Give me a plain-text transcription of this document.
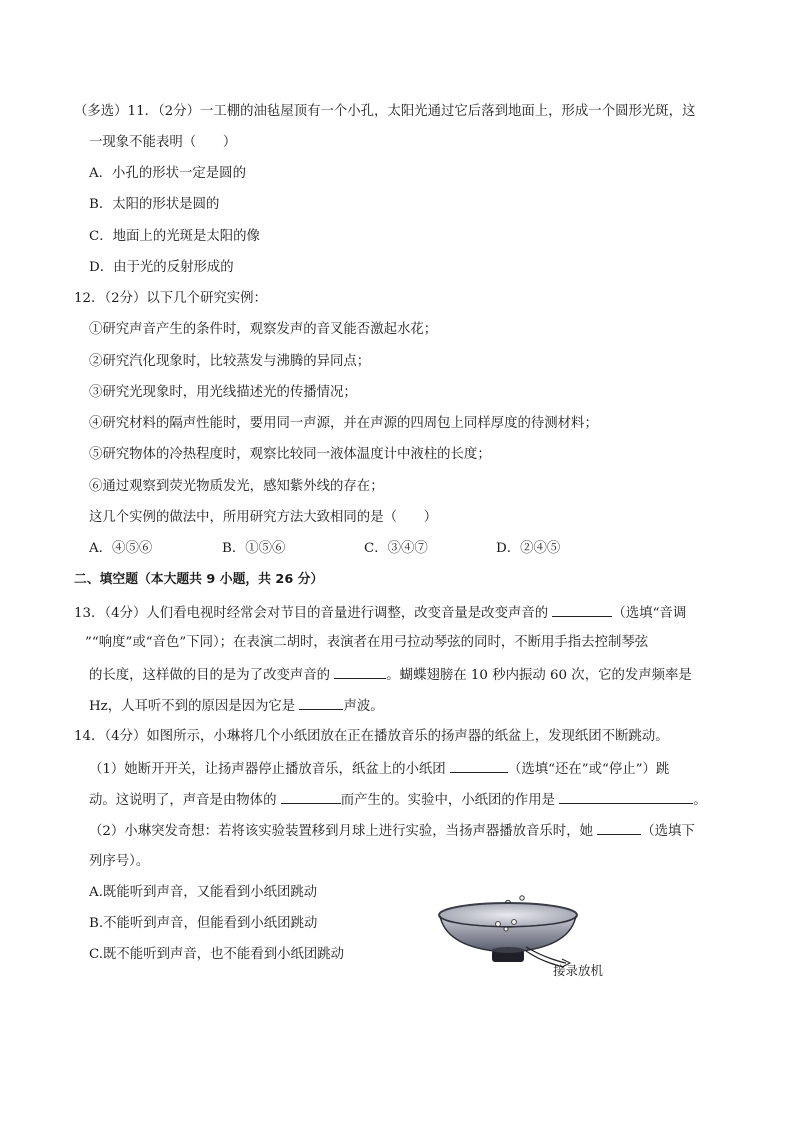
（多选）11．（2分）一工棚的油毡屋顶有一个小孔，太阳光通过它后落到地面上，形成一个圆形光斑，这
一现象不能表明（　　）
A．小孔的形状一定是圆的
B．太阳的形状是圆的
C．地面上的光斑是太阳的像
D．由于光的反射形成的
12．（2分）以下几个研究实例：
①研究声音产生的条件时，观察发声的音叉能否激起水花；
②研究汽化现象时，比较蒸发与沸腾的异同点；
③研究光现象时，用光线描述光的传播情况；
④研究材料的隔声性能时，要用同一声源，并在声源的四周包上同样厚度的待测材料；
⑤研究物体的冷热程度时，观察比较同一液体温度计中液柱的长度；
⑥通过观察到荧光物质发光，感知紫外线的存在；
这几个实例的做法中，所用研究方法大致相同的是（　　）
A．④⑤⑥	B．①⑤⑥	C．③④⑦	D．②④⑤
二、填空题（本大题共 9 小题，共 26 分）
13．（4分）人们看电视时经常会对节目的音量进行调整，改变音量是改变声音的	（选填“音调
”“响度”或“音色”下同）；在表演二胡时，表演者在用弓拉动琴弦的同时，不断用手指去控制琴弦
的长度，这样做的目的是为了改变声音的	。蝴蝶翅膀在 10 秒内振动 60 次，它的发声频率是
Hz，人耳听不到的原因是因为它是	声波。
14．（4分）如图所示，小琳将几个小纸团放在正在播放音乐的扬声器的纸盆上，发现纸团不断跳动。
（1）她断开开关，让扬声器停止播放音乐，纸盆上的小纸团	（选填“还在”或“停止”）跳
动。这说明了，声音是由物体的	而产生的。实验中，小纸团的作用是	。
（2）小琳突发奇想：若将该实验装置移到月球上进行实验，当扬声器播放音乐时，她	（选填下
列序号）。
A.既能听到声音，又能看到小纸团跳动
B.不能听到声音，但能看到小纸团跳动
C.既不能听到声音，也不能看到小纸团跳动
接录放机
